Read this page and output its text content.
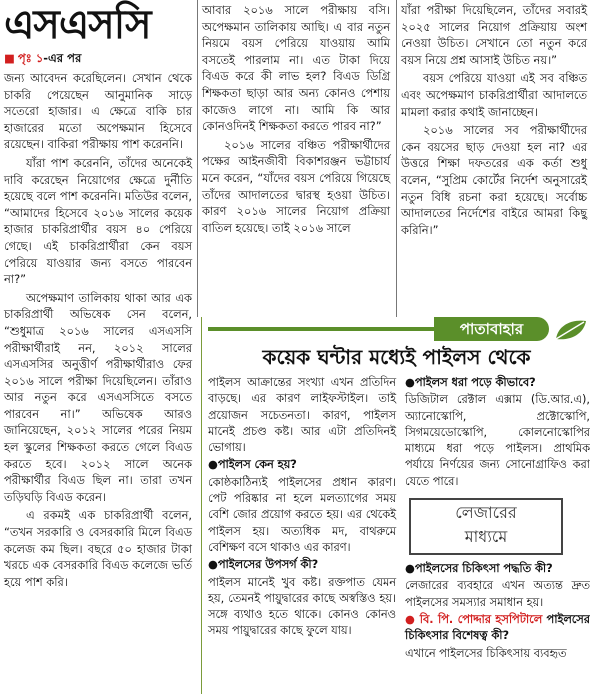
এসএসসি
■ পৃঃ ১-এর পর

জন্য আবেদন করেছিলেন। সেখান থেকে চাকরি পেয়েছেন আনুমানিক সাড়ে সতেরো হাজার। এ ক্ষেত্রে বাকি চার হাজারের মতো অপেক্ষমান হিসেবে রয়েছেন। বাকিরা পরীক্ষায় পাশ করেননি।

যাঁরা পাশ করেননি, তাঁদের অনেকেই দাবি করেছেন নিয়োগের ক্ষেত্রে দুর্নীতি হয়েছে বলে পাশ করেননি। মতিউর বলেন, “আমাদের হিসেবে ২০১৬ সালের কয়েক হাজার চাকরিপ্রার্থীর বয়স ৪০ পেরিয়ে গেছে। এই চাকরিপ্রার্থীরা কেন বয়স পেরিয়ে যাওয়ার জন্য বসতে পারবেন না?”

অপেক্ষমাণ তালিকায় থাকা আর এক চাকরিপ্রার্থী অভিষেক সেন বলেন, “শুধুমাত্র ২০১৬ সালের এসএসসি পরীক্ষার্থীরাই নন, ২০১২ সালের এসএসসির অনুত্তীর্ণ পরীক্ষার্থীরাও ফের ২০১৬ সালে পরীক্ষা দিয়েছিলেন। তাঁরাও আর নতুন করে এসএসসিতে বসতে পারবেন না।” অভিষেক আরও জানিয়েছেন, ২০১২ সালের পরের নিয়ম হল স্কুলের শিক্ষকতা করতে গেলে বিএড করতে হবে। ২০১২ সালে অনেক পরীক্ষার্থীর বিএড ছিল না। তারা তখন তড়িঘড়ি বিএড করেন।

এ রকমই এক চাকরিপ্রার্থী বলেন, “তখন সরকারি ও বেসরকারি মিলে বিএড কলেজ কম ছিল। বছরে ৫০ হাজার টাকা খরচে এক বেসরকারি বিএড কলেজে ভর্তি হয়ে পাশ করি।

আবার ২০১৬ সালে পরীক্ষায় বসি। অপেক্ষমান তালিকায় আছি। এ বার নতুন নিয়মে বয়স পেরিয়ে যাওয়ায় আমি বসতেই পারলাম না। এত টাকা দিয়ে বিএড করে কী লাভ হল? বিএড ডিগ্রি শিক্ষকতা ছাড়া আর অন্য কোনও পেশায় কাজেও লাগে না। আমি কি আর কোনওদিনই শিক্ষকতা করতে পারব না?”

২০১৬ সালের বঞ্চিত পরীক্ষার্থীদের পক্ষের আইনজীবী বিকাশরঞ্জন ভট্টাচার্য মনে করেন, “যাঁদের বয়স পেরিয়ে গিয়েছে তাঁদের আদালতের দ্বারস্থ হওয়া উচিত। কারণ ২০১৬ সালের নিয়োগ প্রক্রিয়া বাতিল হয়েছে। তাই ২০১৬ সালে

যাঁরা পরীক্ষা দিয়েছিলেন, তাঁদের সবারই ২০২৫ সালের নিয়োগ প্রক্রিয়ায় অংশ নেওয়া উচিত। সেখানে তো নতুন করে বয়স নিয়ে প্রশ্ন আসাই উচিত নয়।”

বয়স পেরিয়ে যাওয়া এই সব বঞ্চিত এবং অপেক্ষমাণ চাকরিপ্রার্থীরা আদালতে মামলা করার কথাই জানাচ্ছেন।

২০১৬ সালের সব পরীক্ষার্থীদের কেন বয়সের ছাড় দেওয়া হল না? এর উত্তরে শিক্ষা দফতরের এক কর্তা শুধু বলেন, “সুপ্রিম কোর্টের নির্দেশ অনুসারেই নতুন বিধি রচনা করা হয়েছে। সর্বোচ্চ আদালতের নির্দেশের বাইরে আমরা কিছু করিনি।”

পাতাবাহার
কয়েক ঘন্টার মধ্যেই পাইলস থেকে

পাইলস আক্রান্তের সংখ্যা এখন প্রতিদিন বাড়ছে। এর কারণ লাইফস্টাইল। তাই প্রয়োজন সচেতনতা। কারণ, পাইলস মানেই প্রচণ্ড কষ্ট। আর এটা প্রতিদিনই ভোগায়।

●পাইলস কেন হয়?

কোষ্ঠকাঠিন্যই পাইলসের প্রধান কারণ। পেট পরিষ্কার না হলে মলত্যাগের সময় বেশি জোর প্রয়োগ করতে হয়। এর থেকেই পাইলস হয়। অত্যধিক মদ, বাথরুমে বেশিক্ষণ বসে থাকাও এর কারণ।

●পাইলসের উপসর্গ কী?

পাইলস মানেই খুব কষ্ট। রক্তপাত যেমন হয়, তেমনই পায়ুদ্বারের কাছে অস্বস্তিও হয়। সঙ্গে ব্যথাও হতে থাকে। কোনও কোনও সময় পায়ুদ্বারের কাছে ফুলে যায়।

●পাইলস ধরা পড়ে কীভাবে?

ডিজিটাল রেক্টাল এক্সাম (ডি.আর.এ), অ্যানোস্কোপি, প্রক্টোস্কোপি, সিগময়েডোস্কোপি, কোলনোস্কোপির মাধ্যমে ধরা পড়ে পাইলস। প্রাথমিক পর্যায়ে নির্ণয়ের জন্য সোনোগ্রাফিও করা যেতে পারে।

লেজারের
মাধ্যমে

●পাইলসের চিকিৎসা পদ্ধতি কী?

লেজারের ব্যবহারে এখন অত্যন্ত দ্রুত পাইলসের সমস্যার সমাধান হয়।

● বি. পি. পোদ্দার হসপিটালে পাইলসের চিকিৎসার বিশেষত্ব কী?

এখানে পাইলসের চিকিৎসায় ব্যবহৃত
